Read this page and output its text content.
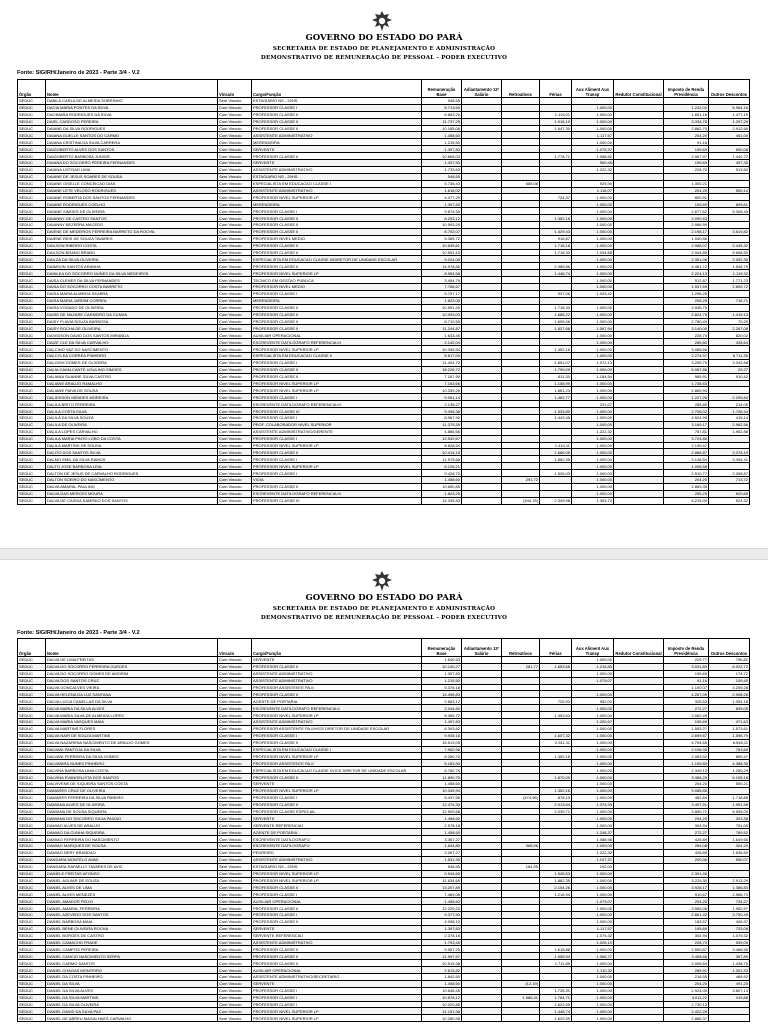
GOVERNO DO ESTADO DO PARÁ
SECRETARIA DE ESTADO DE PLANEJAMENTO E ADMINISTRAÇÃO
DEMONSTRATIVO DE REMUNERAÇÃO DE PESSOAL - PODER EXECUTIVO
Fonte: SIGIRH/Janeiro de 2023 - Parte 3/4 - V.2
Órgão	Nome	Vínculo	Cargo/Função	Remuneração Base	Adiantamento 13º Salário	Retroativos	Férias	Aux Aliment Aux Transp	Redutor Constitucional	Imposto de Renda Previdência	Outros Descontos
SEDUC	DABILA CARLA DE ALMEIDA SOBRINHO	Sem Vinculo	ESTAGIARIO NS - 20HS	548,55							
SEDUC	DACIA MARIA PONTES DA SILVA	Com Vinculo	PROFESSOR CLASSE I	8.713,69				1.000,00		1.242,02	6.964,16
SEDUC	DACIMARA RODRIGUES DA SILVA	Com Vinculo	PROFESSOR CLASSE II	6.863,26			1.119,01	1.000,00		1.651,16	1.477,19
SEDUC	DAIEL CARDOSO PEREIRA	Com Vinculo	PROFESSOR CLASSE II	11.737,25			1.916,10	1.000,00		3.334,78	1.297,29
SEDUC	DAIANE DA SILVA RODRIGUES	Com Vinculo	PROFESSOR CLASSE II	10.165,08			1.647,30	1.000,00		2.862,70	2.912,66
SEDUC	DAIANA GUELLE SANTOS DO CARMO	Com Vinculo	ASSISTENTE ADMINISTRATIVO	1.458,60				1.117,57		204,20	461,00
SEDUC	DAIANA CRISTINA DA SILVA CARRERA	Com Vinculo	MERENDEIRA	1.215,50				1.000,00		91,16	
SEDUC	DAIGOBERTO ALVES DOS SANTOS	Com Vinculo	SERVENTE	1.397,83				1.075,37		195,69	690,08
SEDUC	DAIGOBERTO BARBOSA JUNIOR	Com Vinculo	PROFESSOR CLASSE II	10.668,03			1.778,71	1.068,82		2.967,97	1.440,72
SEDUC	DAIANA DO SOCORRO PEREIRA FERNANDES	Com Vinculo	SERVENTE	1.437,50				969,46		195,69	497,35
SEDUC	DAIANA LISTOAD LIMA	Com Vinculo	ASSISTENTE ADMINISTRATIVO	1.733,63				1.222,32		228,70	513,50
SEDUC	DAIANE DE JESUS SOARES DE SOUSA	Sem Vinculo	ESTAGIARIO NS - 20HS	548,55							
SEDUC	DAIANE GISELLE CONCEICAO DIAS	Com Vinculo	ESPECIALISTA EM EDUCACAO CLASSE I	5.736,43		685,08		925,90		1.300,21	
SEDUC	DAIANE LETE VELOSO RODRIGUES	Com Vinculo	ASSISTENTE ADMINISTRATIVO	1.616,02				1.116,07		204,20	550,14
SEDUC	DAIANE ROBERTA DOS SANTOS FERNANDES	Com Vinculo	PROFESSOR NIVEL SUPERIOR LP	4.477,29			724,37	1.000,00		800,91	
SEDUC	DAIANE RODRIGUES COELHO	Com Vinculo	MERENDEIRA	1.397,83				1.000,00		195,69	899,61
SEDUC	DAIANE SIMOES DE OLIVEIRA	Com Vinculo	PROFESSOR CLASSE I	9.874,59				1.000,00		2.677,62	5.308,45
SEDUC	DAIANNY DE CASTRO SANTOS	Com Vinculo	PROFESSOR CLASSE II	8.293,12			1.352,16	1.000,00		2.090,53	
SEDUC	DAIANNY BEZERRA MACEDO	Com Vinculo	PROFESSOR CLASSE II	10.593,29				1.000,00		2.986,99	
SEDUC	DAIENE DE MEDEIROS FERREIRA BARRETO DA ROCHA	Com Vinculo	PROFESSOR CLASSE II	8.702,07			1.429,43	1.000,00		2.198,17	3.619,82
SEDUC	DAIENE REIS DE SOUZA TAVARES	Com Vinculo	PROFESSOR NIVEL MEDIO	5.365,72			916,87	1.000,00		1.040,56	
SEDUC	DAILSON RIBEIRO COSTA	Com Vinculo	PROFESSOR CLASSE II	10.635,61			1.718,18	1.000,00		2.988,07	2.445,32
SEDUC	DAILSON BRANO BRABO	Com Vinculo	PROFESSOR CLASSE II	10.591,15			1.718,33	1.034,68		2.944,85	5.658,50
SEDUC	DAILZA DA SILVA OLIVEIRA	Com Vinculo	ESPECIALISTA EM EDUCACAO CLASSE II/DIRETOR DE UNIDADE ESCOLAR	9.024,09				1.000,00		2.351,06	2.052,35
SEDUC	DAIMSON SANTOS ARANHA	Com Vinculo	PROFESSOR CLASSE II	14.978,85			2.385,86	1.000,00		4.461,72	1.546,79
SEDUC	DAINLEA DO SOCORRO NUNES DA SILVA MEDEIROS	Com Vinculo	PROFESSOR NIVEL SUPERIOR LP	8.954,58			1.448,74	1.000,00		2.224,13	1.119,32
SEDUC	DAISA CLENES DA SILVA FERNANDES	Com Vinculo	TECNICO EM GESTAO PUBLICA	3.454,79				1.000,00		512,87	1.771,23
SEDUC	DAISA DO SOCORRO COSTA BARRETO	Com Vinculo	PROFESSOR NIVEL MEDIO	7.766,67				1.000,00		1.937,69	2.809,72
SEDUC	DAISA MARIA ALMEIDA SEABRA	Com Vinculo	PROFESSOR CLASSE I	5.757,17			937,06	1.003,42		1.298,25	
SEDUC	DAISA MARIA JARDIM CORREA	Com Vinculo	MERENDEIRA	1.823,05						255,25	716,71
SEDUC	DAISA VOGADO DE OLIVEIRA	Com Vinculo	PROFESSOR CLASSE II	10.591,29			1.718,33	1.000,00		2.946,75	
SEDUC	DAISE DE NAZARE CARNEIRO DA CUNHA	Com Vinculo	PROFESSOR CLASSE II	10.093,03			1.686,22	1.000,00		2.824,75	1.419,13
SEDUC	DAISY FLAVIA SOUZA BARBOSA	Com Vinculo	PROFESSOR CLASSE II	8.710,59			1.699,46	1.000,00		2.780,40	70,29
SEDUC	DAISY ROCHA DE OLIVEIRA	Com Vinculo	PROFESSOR CLASSE II	11.244,87			1.827,68	1.067,94		3.140,00	2.267,08
SEDUC	DAIVIDSON DAVID DOS SANTOS MIRANDA	Com Vinculo	AUXILIAR OPERACIONAL	1.633,45				1.000,00		228,70	820,02
SEDUC	DAIZE CLE DA SILVA CARVALHO	Com Vinculo	ESCREVENTE DATILOGRAFO REFERENCIA III	2.142,04				1.000,00		285,80	428,64
SEDUC	DALCINO VAZ DO NASCIMENTO	Com Vinculo	PROFESSOR NIVEL SUPERIOR LP	10.345,94			1.352,16	1.000,00		3.085,66	
SEDUC	DALCYLEA CORREA PINHEIRO	Com Vinculo	ESPECIALISTA EM EDUCACAO CLASSE II	8.617,09				1.000,00		2.274,97	6.711,35
SEDUC	DALGISH GOMES DE OLIVEIRA	Com Vinculo	PROFESSOR CLASSE I	11.404,70			1.851,07	1.072,13		3.259,75	3.342,68
SEDUC	DALIA CAVALCANTE UGULINO SIMOES	Com Vinculo	PROFESSOR CLASSE II	18.226,72			1.790,09	1.000,00		5.087,86	29,27
SEDUC	DALIANA SUANNE SILVA CASTRO	Com Vinculo	PROFESSOR CLASSE II	7.167,90			811,30	1.184,54		985,91	910,42
SEDUC	DALIANE ARAUJO RAMALHO	Com Vinculo	PROFESSOR NIVEL SUPERIOR LP	7.163,66			1.158,99	1.000,00		1.736,63	
SEDUC	DALIANE PAIVA DE SOUSA	Com Vinculo	PROFESSOR NIVEL SUPERIOR LP	10.339,26			1.661,23	1.000,00		2.869,94	
SEDUC	DALIDSSON MENDES MOREIRA	Com Vinculo	PROFESSOR CLASSE I	9.061,14			1.462,77	1.000,00		1.227,26	2.299,84
SEDUC	DALILA BRITO FERREIRA	Com Vinculo	ESCREVENTE DATILOGRAFO REFERENCIA III	2.138,27				231,07		285,80	214,05
SEDUC	DALILA COSTA SILVA	Com Vinculo	PROFESSOR CLASSE III	9.496,36			1.533,80	1.000,00		2.706,02	1.708,34
SEDUC	DALILA DA SILVA SOUZA	Com Vinculo	PROFESSOR CLASSE I	8.967,90			1.443,45	1.000,00		4.524,99	415,14
SEDUC	DALILA DE OLIVEIRA	Com Vinculo	PROF. COLABORADOR NIVEL SUPERIOR	11.375,39				1.000,00		3.169,17	2.962,56
SEDUC	DALILA LOPES CARVALHO	Com Vinculo	ASSISTENTE ADMINISTRATIVO/GERENTE	4.886,66				1.222,32		787,81	1.962,88
SEDUC	DALILA MARIA PINTO LOBO DA COSTA	Com Vinculo	PROFESSOR CLASSE I	12.532,67				1.000,00		3.724,86	
SEDUC	DALILA MARTINS DE SOUSA	Com Vinculo	PROFESSOR NIVEL SUPERIOR LP	8.628,54			1.410,11	1.000,00		2.139,47	
SEDUC	DALITO DOS SANTOS SILVA	Com Vinculo	PROFESSOR CLASSE II	10.414,15			1.686,05	1.000,00		2.886,87	3.378,19
SEDUC	DALMO EMIL DA SILVA RAMOS	Com Vinculo	PROFESSOR CLASSE I	11.575,68			1.882,35	1.000,00		3.148,54	3.494,41
SEDUC	DALTO JOSE BARBOSA LEAL	Com Vinculo	PROFESSOR NIVEL SUPERIOR LP	8.126,21				1.000,00		1.098,58	
SEDUC	DALTON DE JESUS DE CARVALHO RODRIGUES	Com Vinculo	PROFESSOR CLASSE I	9.428,70			1.526,03	1.000,00		2.510,77	2.058,87
SEDUC	DALTON SOEIRO DO NASCIMENTO	Com Vinculo	VIGIA	1.458,60		291,72		1.000,00		204,20	713,72
SEDUC	DALVA AMARAL PAULINO	Com Vinculo	PROFESSOR CLASSE II	10.650,85				1.000,00		2.869,35	
SEDUC	DALVA DAS MERCES MOURA	Com Vinculo	ESCREVENTE DATILOGRAFO REFERENCIA III	1.823,25				1.000,00		255,25	820,65
SEDUC	DALVA DE CASSIA SAMPAIO DOS SANTOS	Com Vinculo	PROFESSOR CLASSE III	14.335,53		(344,78)	2.349,98	1.353,70		4.215,00	524,32
GOVERNO DO ESTADO DO PARÁ
SECRETARIA DE ESTADO DE PLANEJAMENTO E ADMINISTRAÇÃO
DEMONSTRATIVO DE REMUNERAÇÃO DE PESSOAL - PODER EXECUTIVO
Fonte: SIGIRH/Janeiro de 2023 - Parte 3/4 - V.2
Órgão	Nome	Vínculo	Cargo/Função	Remuneração Base	Adiantamento 13º Salário	Retroativos	Férias	Aux Aliment Aux Transp	Redutor Constitucional	Imposto de Renda Previdência	Outros Descontos
SEDUC	DALVA DE LIMA FREITAS	Com Vinculo	SERVENTE	1.640,53				1.000,00		229,77	796,82
SEDUC	DALVA DO SOCORRO FERREIRA GUEDES	Com Vinculo	PROFESSOR CLASSE II	10.140,27		281,77	1.653,68	1.215,85		3.031,89	6.022,72
SEDUC	DALVA DO SOCORRO GOMES DE AMORIM	Com Vinculo	ASSISTENTE ADMINISTRATIVO	1.397,83				1.000,00		195,69	174,72
SEDUC	DALVA DOS SANTOS CRUZ	Com Vinculo	ASSISTENTE ADMINISTRATIVO	1.215,50				1.079,07		91,16	109,40
SEDUC	DALVA GONCALVES VIEIRA	Com Vinculo	PROFESSOR ASSISTENTE PA-II	5.376,18						1.100,07	3.259,28
SEDUC	DALVA HELENA DA LUZ SANTANA	Com Vinculo	PROFESSOR CLASSE II	14.496,83				1.000,00		4.267,09	2.908,28
SEDUC	DALVA LUCIA CANELLAS DA SILVA	Com Vinculo	AGENTE DE PORTARIA	2.663,12			725,93	952,00		325,53	1.054,18
SEDUC	DALVA MARIA DA SILVA ALVES	Com Vinculo	ESCREVENTE DATILOGRAFO REFERENCIA II	2.044,80				1.000,00		272,27	839,05
SEDUC	DALVA MARIA SILVA DE ALMEIDA LOPES	Com Vinculo	PROFESSOR NIVEL SUPERIOR LP	8.365,72			1.353,53	1.000,00		2.062,49	
SEDUC	DALVA MARIA VASQUES MAIA	Com Vinculo	ASSISTENTE ADMINISTRATIVO	1.497,83				1.200,67		195,69	471,63
SEDUC	DALVA MARTINS FLORES	Com Vinculo	PROFESSOR ASSISTENTE PA-II/VICE DIRETOR DE UNIDADE ESCOLAR	6.393,82				1.000,00		1.553,27	1.573,61
SEDUC	DALVA NAIR DE SOUZA MARTINS	Com Vinculo	PROFESSOR CLASSE I	9.945,16			1.607,32	1.000,00		2.699,67	1.598,79
SEDUC	DALVA NAZARENA NASCIMENTO DE ARAUJO GOMES	Com Vinculo	PROFESSOR CLASSE II	15.513,05			2.511,11	1.000,00		4.704,65	6.548,11
SEDUC	DALVANI PANTOJA DA SILVA	Com Vinculo	ESPECIALISTA EM EDUCACAO CLASSE I	7.962,96				1.000,00		2.106,33	763,60
SEDUC	DALVANI FERREIRA DA SILVA GOMES	Com Vinculo	PROFESSOR NIVEL SUPERIOR LP	8.280,70			1.352,16	1.000,00		2.063,92	869,47
SEDUC	DALVANIRA NUNES PINHEIRO	Com Vinculo	PROFESSOR ASSISTENTE PA-II	5.183,90				1.000,00		1.159,80	4.388,35
SEDUC	DALVINA BARBOSA LIMA COSTA	Com Vinculo	ESPECIALISTA EM EDUCACAO CLASSE I/VICE DIRETOR DE UNIDADE ESCOLAR	8.782,76				1.000,00		2.349,13	1.250,29
SEDUC	DALVINA EVANGELISTA DOS SANTOS	Com Vinculo	PROFESSOR CLASSE II	11.890,75			1.870,09	1.000,00		3.386,29	6.105,18
SEDUC	DALVIVENE DE SIQUEIRA SANTOS COSTA	Com Vinculo	SERVENTE	1.458,60				1.000,00		204,20	550,21
SEDUC	DAMARES CRUZ DE OLIVEIRA	Com Vinculo	PROFESSOR NIVEL SUPERIOR LP	10.345,94			1.352,16	1.000,00		3.085,66	
SEDUC	DAMARES FERREIRA DA SILVA RIBEIRO	Com Vinculo	PROFESSOR CLASSE I	5.437,66		(474,96)	878,10	1.000,00		482,84	1.718,86
SEDUC	DAMIANA ALVES DE OLIVEIRA	Com Vinculo	PROFESSOR CLASSE II	12.474,30			2.013,64	1.374,99		3.497,51	1.951,98
SEDUC	DAMIANA DE SOUSA SIQUEIRA	Com Vinculo	PROFESSOR CLASSE ESPECIAL	12.509,68			2.039,71	1.000,00		3.850,71	6.596,00
SEDUC	DAMIANA DO SOCORRO SILVA PAIXAO	Com Vinculo	SERVENTE	1.458,60				1.000,00		204,20	303,38
SEDUC	DAMIAO ALVES DE ARAUJO	Com Vinculo	SERVENTE REFERENCIA I	2.578,18				1.000,00		304,94	751,05
SEDUC	DAMIAO DA CUNHA SIQUEIRA	Com Vinculo	AGENTE DE PORTARIA	1.458,60				1.248,37		272,27	789,52
SEDUC	DAMIAO FERREIRA DO NASCIMENTO	Com Vinculo	ESCREVENTE DATILOGRAFO	3.367,27				1.088,98		426,89	1.649,66
SEDUC	DAMIAO MARQUES DE SOUSA	Com Vinculo	ESCREVENTE DATILOGRAFO	1.844,80		368,96		1.000,00		284,08	304,20
SEDUC	DAMIAO NERY BRANDAO	Com Vinculo	PEDREIRO	3.267,27				1.222,32		426,89	1.636,60
SEDUC	DANDARA MONTELO AVAD	Com Vinculo	ASSISTENTE ADMINISTRATIVO	1.531,35				1.107,37		200,36	550,07
SEDUC	DANDARA RAFAELLY TAVARES DE AVIZ	Sem Vinculo	ESTAGIARIO NS - 20HS	548,55		164,95		192,00			
SEDUC	DANIELE FREITAS AFONSO	Com Vinculo	PROFESSOR NIVEL SUPERIOR LP	9.544,65			1.545,53	1.000,00		2.391,46	
SEDUC	DANIEL AGUIAR DE SOUZA	Com Vinculo	PROFESSOR NIVEL SUPERIOR LP	11.634,69			1.882,35	1.000,00		3.229,30	2.913,29
SEDUC	DANIEL ALVES DE LIMA	Com Vinculo	PROFESSOR CLASSE II	13.207,89			2.154,26	1.000,00		3.928,17	1.386,83
SEDUC	DANIEL ALVES MENEZES	Com Vinculo	PROFESSOR CLASSE I	7.469,08			1.216,94	1.000,00		910,67	2.966,73
SEDUC	DANIEL AMADOR PEIXO	Com Vinculo	AUXILIAR OPERACIONAL	1.458,60				1.079,07		204,20	734,27
SEDUC	DANIEL AMARAL FERREIRA	Com Vinculo	PROFESSOR CLASSE II	12.229,23				1.000,00		3.565,06	1.962,97
SEDUC	DANIEL AZEVEDO DOS SANTOS	Com Vinculo	PROFESSOR CLASSE I	9.377,90				1.000,00		2.661,42	3.750,49
SEDUC	DANIEL BARBOSA MAIA	Com Vinculo	PROFESSOR CLASSE II	4.058,10				1.000,00		183,97	406,97
SEDUC	DANIEL BENE OLIVEIRA ROCHA	Com Vinculo	SERVENTE	1.397,83				1.117,57		195,69	733,08
SEDUC	DANIEL BORGES DE CASTRO	Com Vinculo	SERVENTE REFERENCIA I	2.378,18				1.079,32		304,94	1.079,32
SEDUC	DANIEL CAMACHO FRADE	Com Vinculo	ASSISTENTE ADMINISTRATIVO	1.793,45				1.026,10		228,70	539,09
SEDUC	DANIEL CAMPOS PEREIRA	Com Vinculo	PROFESSOR CLASSE II	9.967,25			1.615,88	1.000,00		2.550,87	3.468,55
SEDUC	DANIEL CANCIO NASCIMENTO SERPA	Com Vinculo	PROFESSOR CLASSE II	11.997,97			1.955,94	1.066,77		3.458,66	367,89
SEDUC	DANIEL CARMO SANTOS	Com Vinculo	PROFESSOR CLASSE II	10.515,38			1.711,89	1.000,00		2.906,64	1.438,75
SEDUC	DANIEL CHAGAS MONTEIRO	Com Vinculo	AUXILIAR OPERACIONAL	2.613,82				1.110,32		285,91	1.301,53
SEDUC	DANIEL DA COSTA PINHEIRO	Com Vinculo	ASSISTENTE ADMINISTRATIVO/SECRETARIO	1.842,50				1.000,00		216,55	468,92
SEDUC	DANIEL DA SILVA	Com Vinculo	SERVENTE	1.458,60		(12,19)		1.000,00		204,20	491,25
SEDUC	DANIEL DA SILVA ALVES	Com Vinculo	PROFESSOR CLASSE I	10.646,45			1.726,31	1.000,00		2.924,00	3.807,14
SEDUC	DANIEL DA SILVA MARTINS	Com Vinculo	PROFESSOR CLASSE I	10.878,12		1.586,31	1.764,71	1.000,00		3.011,22	419,86
SEDUC	DANIEL DA SILVA OLIVEIRA	Com Vinculo	PROFESSOR CLASSE I	10.020,85			1.622,59	1.000,00		2.730,13	
SEDUC	DANIEL DAVID DA SILVA PAZ	Com Vinculo	PROFESSOR NIVEL SUPERIOR LP	11.151,98			1.448,74	1.000,00		2.422,28	
SEDUC	DANIEL DE ABREU MAGALHAES CARVALHO	Sem Vinculo	PROFESSOR NIVEL SUPERIOR LP	10.280,98			1.622,59	1.000,00		2.886,37	
